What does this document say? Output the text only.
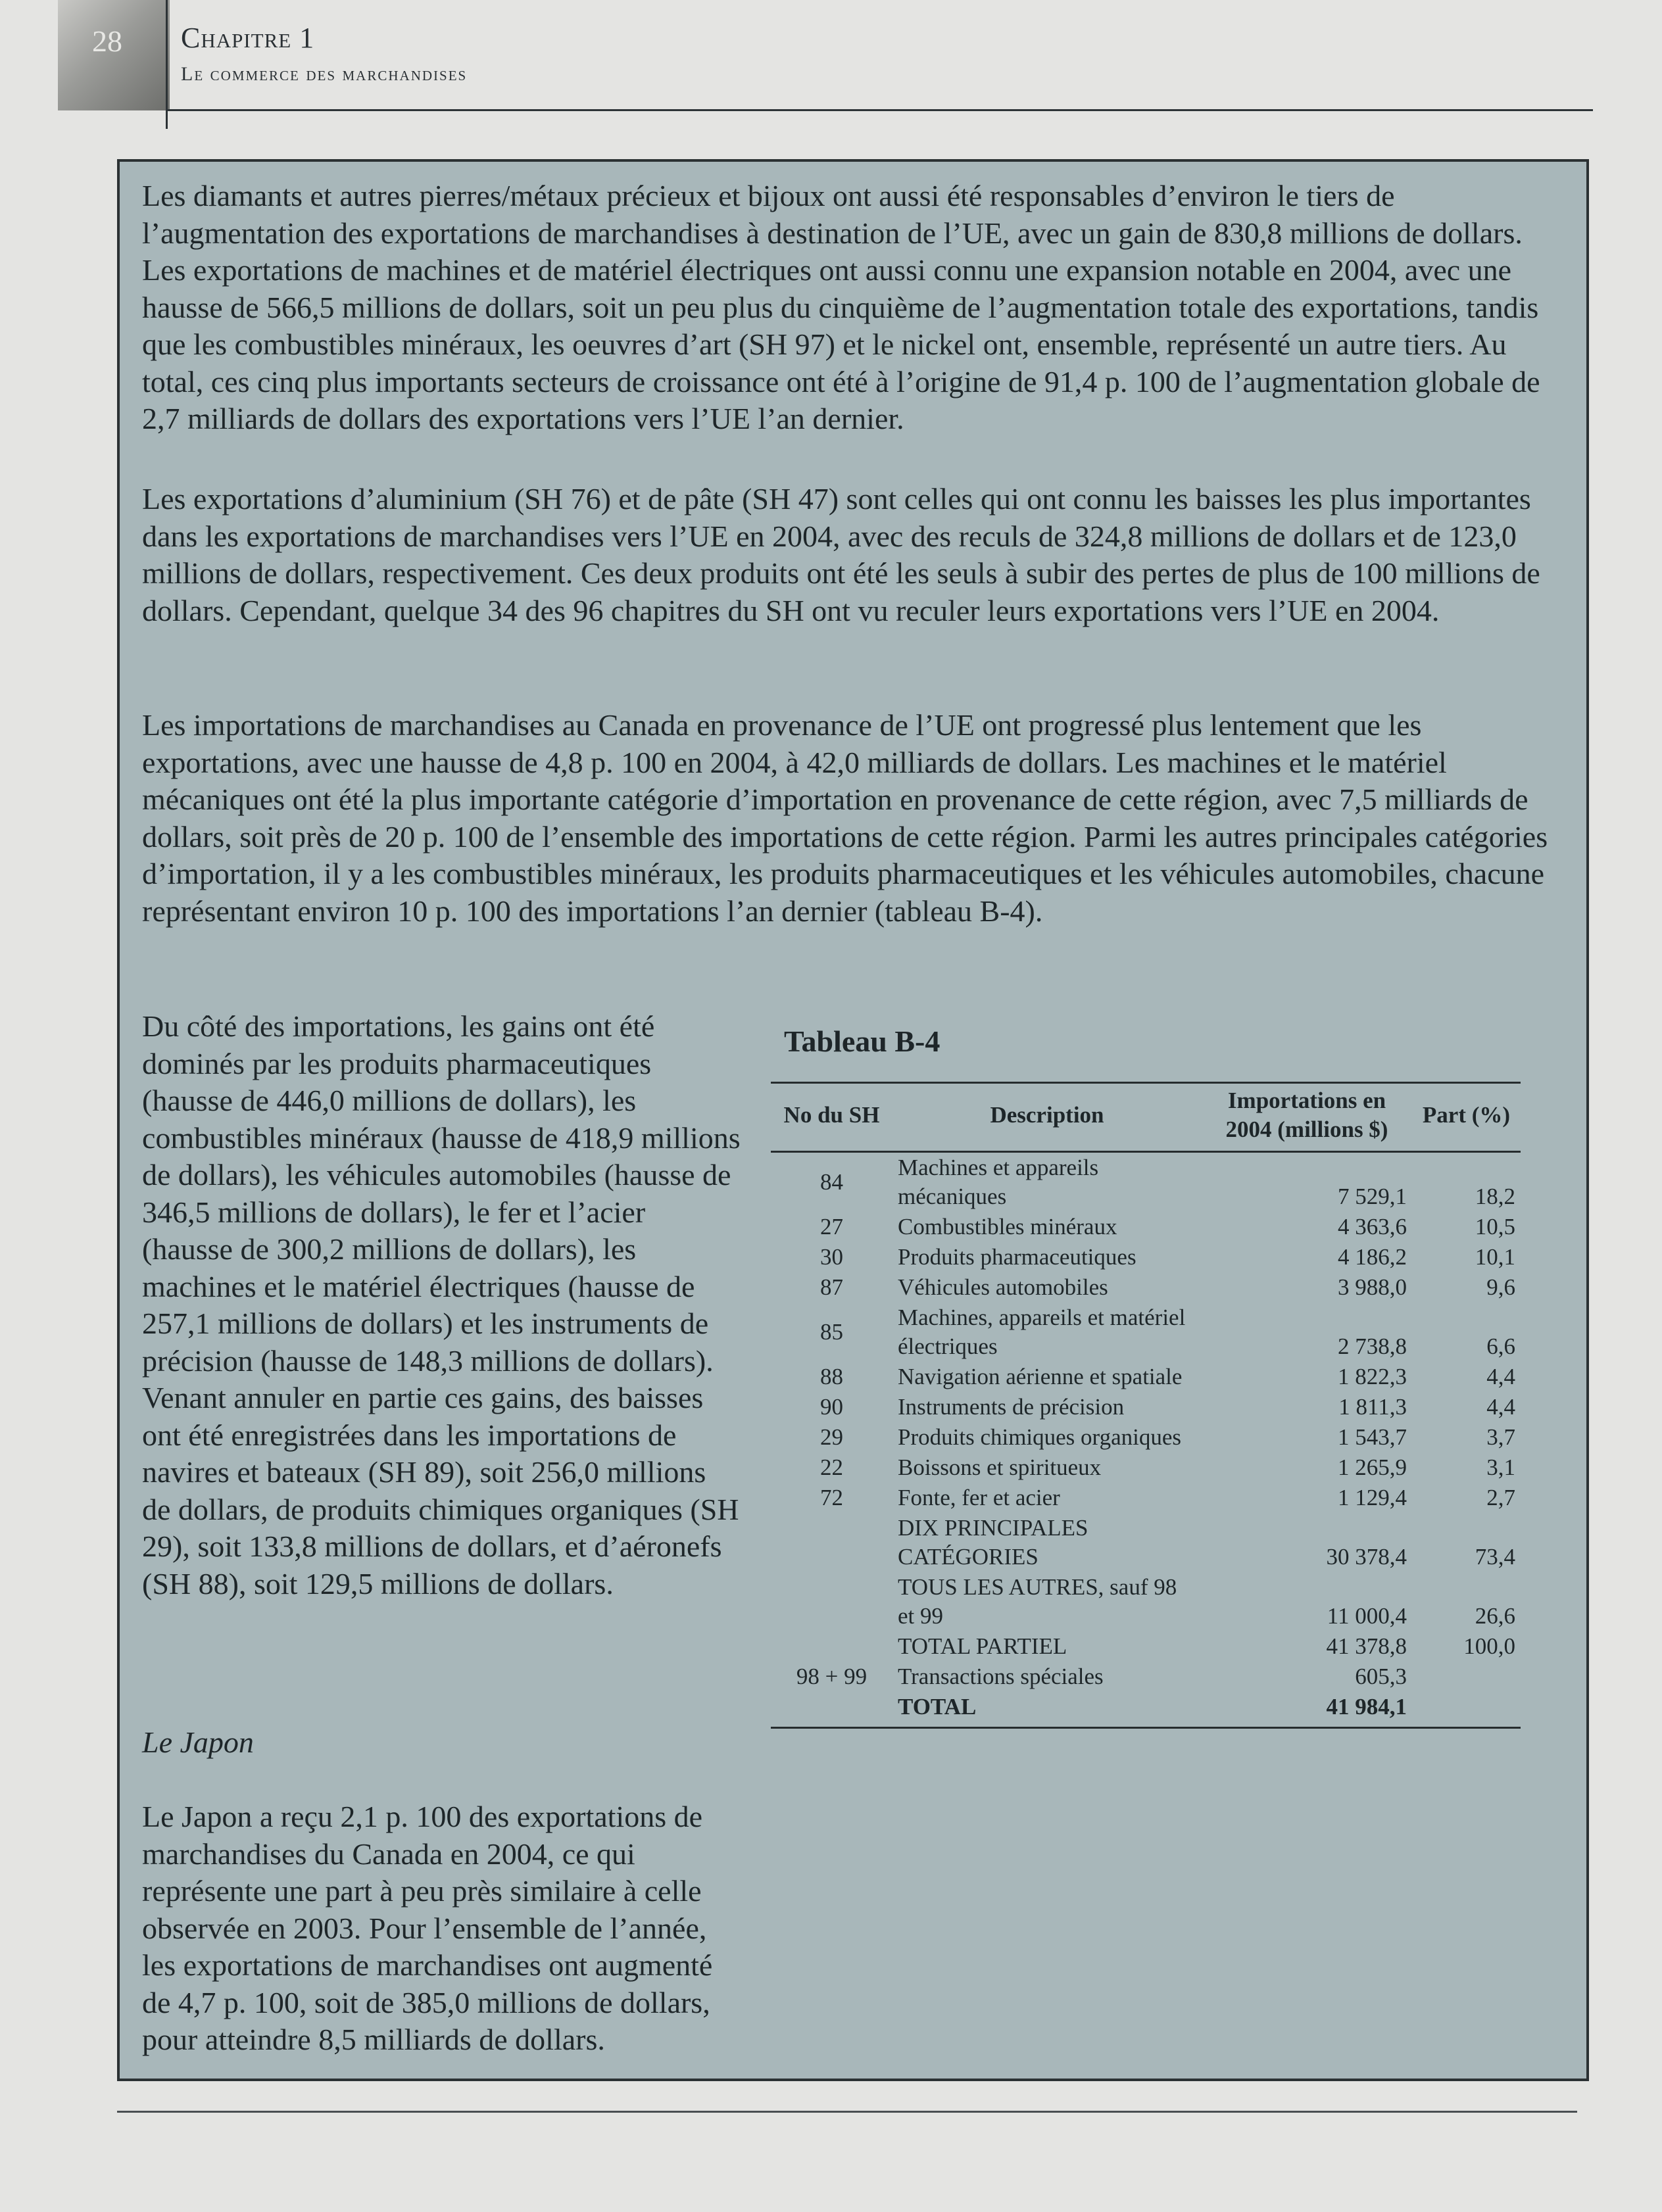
28 Chapitre 1
Le commerce des marchandises

Les diamants et autres pierres/métaux précieux et bijoux ont aussi été responsables d’environ le tiers de l’augmentation des exportations de marchandises à destination de l’UE, avec un gain de 830,8 millions de dollars. Les exportations de machines et de matériel électriques ont aussi connu une expansion notable en 2004, avec une hausse de 566,5 millions de dollars, soit un peu plus du cinquième de l’augmentation totale des exportations, tandis que les combustibles minéraux, les oeuvres d’art (SH 97) et le nickel ont, ensemble, représenté un autre tiers. Au total, ces cinq plus importants secteurs de croissance ont été à l’origine de 91,4 p. 100 de l’augmentation globale de 2,7 milliards de dollars des exportations vers l’UE l’an dernier.

Les exportations d’aluminium (SH 76) et de pâte (SH 47) sont celles qui ont connu les baisses les plus importantes dans les exportations de marchandises vers l’UE en 2004, avec des reculs de 324,8 millions de dollars et de 123,0 millions de dollars, respectivement. Ces deux produits ont été les seuls à subir des pertes de plus de 100 millions de dollars. Cependant, quelque 34 des 96 chapitres du SH ont vu reculer leurs exportations vers l’UE en 2004.

Les importations de marchandises au Canada en provenance de l’UE ont progressé plus lentement que les exportations, avec une hausse de 4,8 p. 100 en 2004, à 42,0 milliards de dollars. Les machines et le matériel mécaniques ont été la plus importante catégorie d’importation en provenance de cette région, avec 7,5 milliards de dollars, soit près de 20 p. 100 de l’ensemble des importations de cette région. Parmi les autres principales catégories d’importation, il y a les combustibles minéraux, les produits pharmaceutiques et les véhicules automobiles, chacune représentant environ 10 p. 100 des importations l’an dernier (tableau B-4).

Du côté des importations, les gains ont été dominés par les produits pharmaceutiques (hausse de 446,0 millions de dollars), les combustibles minéraux (hausse de 418,9 millions de dollars), les véhicules automobiles (hausse de 346,5 millions de dollars), le fer et l’acier (hausse de 300,2 millions de dollars), les machines et le matériel électriques (hausse de 257,1 millions de dollars) et les instruments de précision (hausse de 148,3 millions de dollars). Venant annuler en partie ces gains, des baisses ont été enregistrées dans les importations de navires et bateaux (SH 89), soit 256,0 millions de dollars, de produits chimiques organiques (SH 29), soit 133,8 millions de dollars, et d’aéronefs (SH 88), soit 129,5 millions de dollars.

Le Japon

Le Japon a reçu 2,1 p. 100 des exportations de marchandises du Canada en 2004, ce qui représente une part à peu près similaire à celle observée en 2003. Pour l’ensemble de l’année, les exportations de marchandises ont augmenté de 4,7 p. 100, soit de 385,0 millions de dollars, pour atteindre 8,5 milliards de dollars.

Tableau B-4
No du SH	Description	Importations en 2004 (millions $)	Part (%)
84	Machines et appareils mécaniques	7 529,1	18,2
27	Combustibles minéraux	4 363,6	10,5
30	Produits pharmaceutiques	4 186,2	10,1
87	Véhicules automobiles	3 988,0	9,6
85	Machines, appareils et matériel électriques	2 738,8	6,6
88	Navigation aérienne et spatiale	1 822,3	4,4
90	Instruments de précision	1 811,3	4,4
29	Produits chimiques organiques	1 543,7	3,7
22	Boissons et spiritueux	1 265,9	3,1
72	Fonte, fer et acier	1 129,4	2,7
	DIX PRINCIPALES CATÉGORIES	30 378,4	73,4
	TOUS LES AUTRES, sauf 98 et 99	11 000,4	26,6
	TOTAL PARTIEL	41 378,8	100,0
98 + 99	Transactions spéciales	605,3	
	TOTAL	41 984,1	
